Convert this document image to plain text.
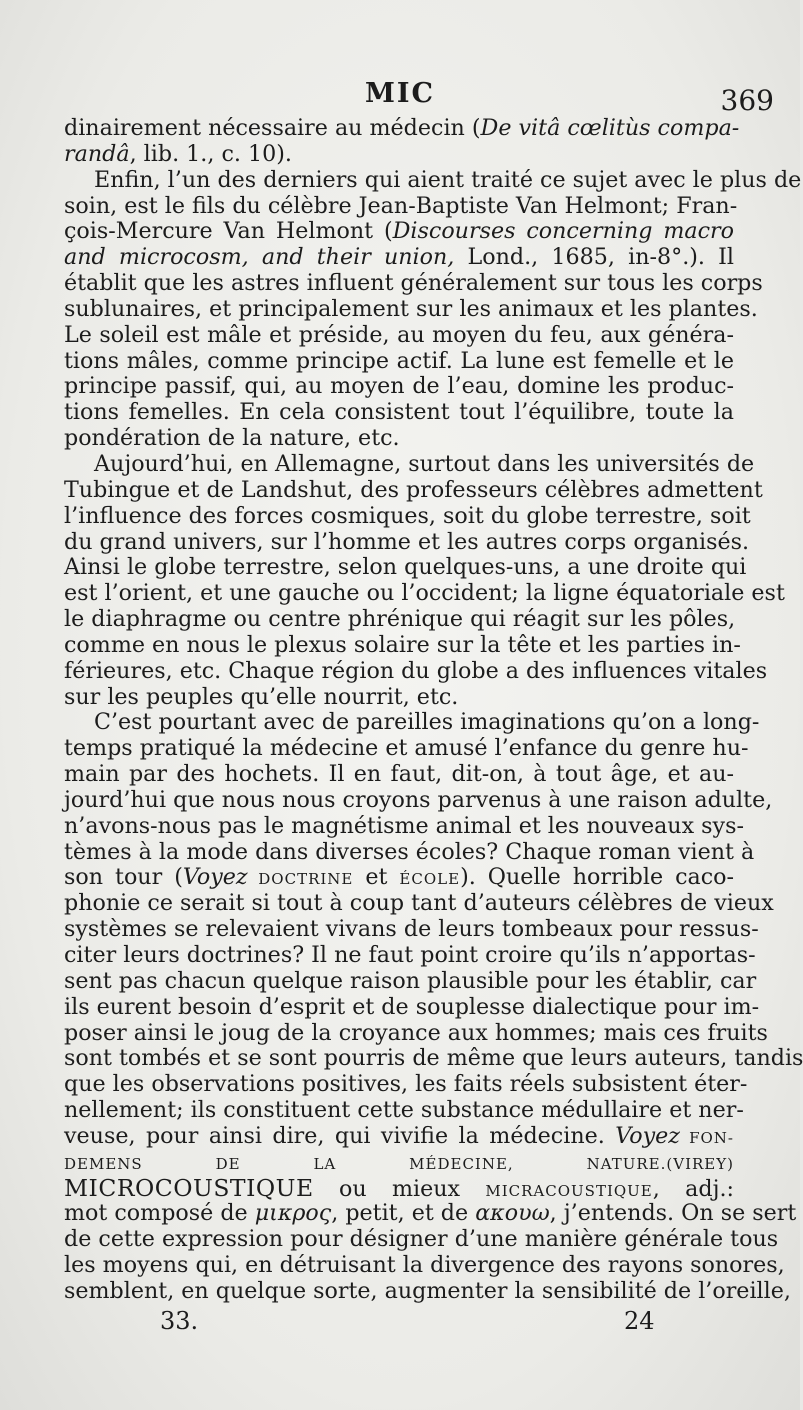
MIC	369
dinairement nécessaire au médecin (De vitâ cœlitùs compa-
randâ, lib. 1., c. 10).
Enfin, l’un des derniers qui aient traité ce sujet avec le plus de
soin, est le fils du célèbre Jean-Baptiste Van Helmont; Fran-
çois-Mercure Van Helmont (Discourses concerning macro
and microcosm, and their union, Lond., 1685, in-8°.). Il
établit que les astres influent généralement sur tous les corps
sublunaires, et principalement sur les animaux et les plantes.
Le soleil est mâle et préside, au moyen du feu, aux généra-
tions mâles, comme principe actif. La lune est femelle et le
principe passif, qui, au moyen de l’eau, domine les produc-
tions femelles. En cela consistent tout l’équilibre, toute la
pondération de la nature, etc.
Aujourd’hui, en Allemagne, surtout dans les universités de
Tubingue et de Landshut, des professeurs célèbres admettent
l’influence des forces cosmiques, soit du globe terrestre, soit
du grand univers, sur l’homme et les autres corps organisés.
Ainsi le globe terrestre, selon quelques-uns, a une droite qui
est l’orient, et une gauche ou l’occident; la ligne équatoriale est
le diaphragme ou centre phrénique qui réagit sur les pôles,
comme en nous le plexus solaire sur la tête et les parties in-
férieures, etc. Chaque région du globe a des influences vitales
sur les peuples qu’elle nourrit, etc.
C’est pourtant avec de pareilles imaginations qu’on a long-
temps pratiqué la médecine et amusé l’enfance du genre hu-
main par des hochets. Il en faut, dit-on, à tout âge, et au-
jourd’hui que nous nous croyons parvenus à une raison adulte,
n’avons-nous pas le magnétisme animal et les nouveaux sys-
tèmes à la mode dans diverses écoles? Chaque roman vient à
son tour (Voyez DOCTRINE et ÉCOLE). Quelle horrible caco-
phonie ce serait si tout à coup tant d’auteurs célèbres de vieux
systèmes se relevaient vivans de leurs tombeaux pour ressus-
citer leurs doctrines? Il ne faut point croire qu’ils n’apportas-
sent pas chacun quelque raison plausible pour les établir, car
ils eurent besoin d’esprit et de souplesse dialectique pour im-
poser ainsi le joug de la croyance aux hommes; mais ces fruits
sont tombés et se sont pourris de même que leurs auteurs, tandis
que les observations positives, les faits réels subsistent éter-
nellement; ils constituent cette substance médullaire et ner-
veuse, pour ainsi dire, qui vivifie la médecine. Voyez FON-
DEMENS DE LA MÉDECINE, NATURE.(VIREY)
MICROCOUSTIQUE ou mieux MICRACOUSTIQUE, adj.:
mot composé de μικρος, petit, et de ακουω, j’entends. On se sert
de cette expression pour désigner d’une manière générale tous
les moyens qui, en détruisant la divergence des rayons sonores,
semblent, en quelque sorte, augmenter la sensibilité de l’oreille,
33.	24
